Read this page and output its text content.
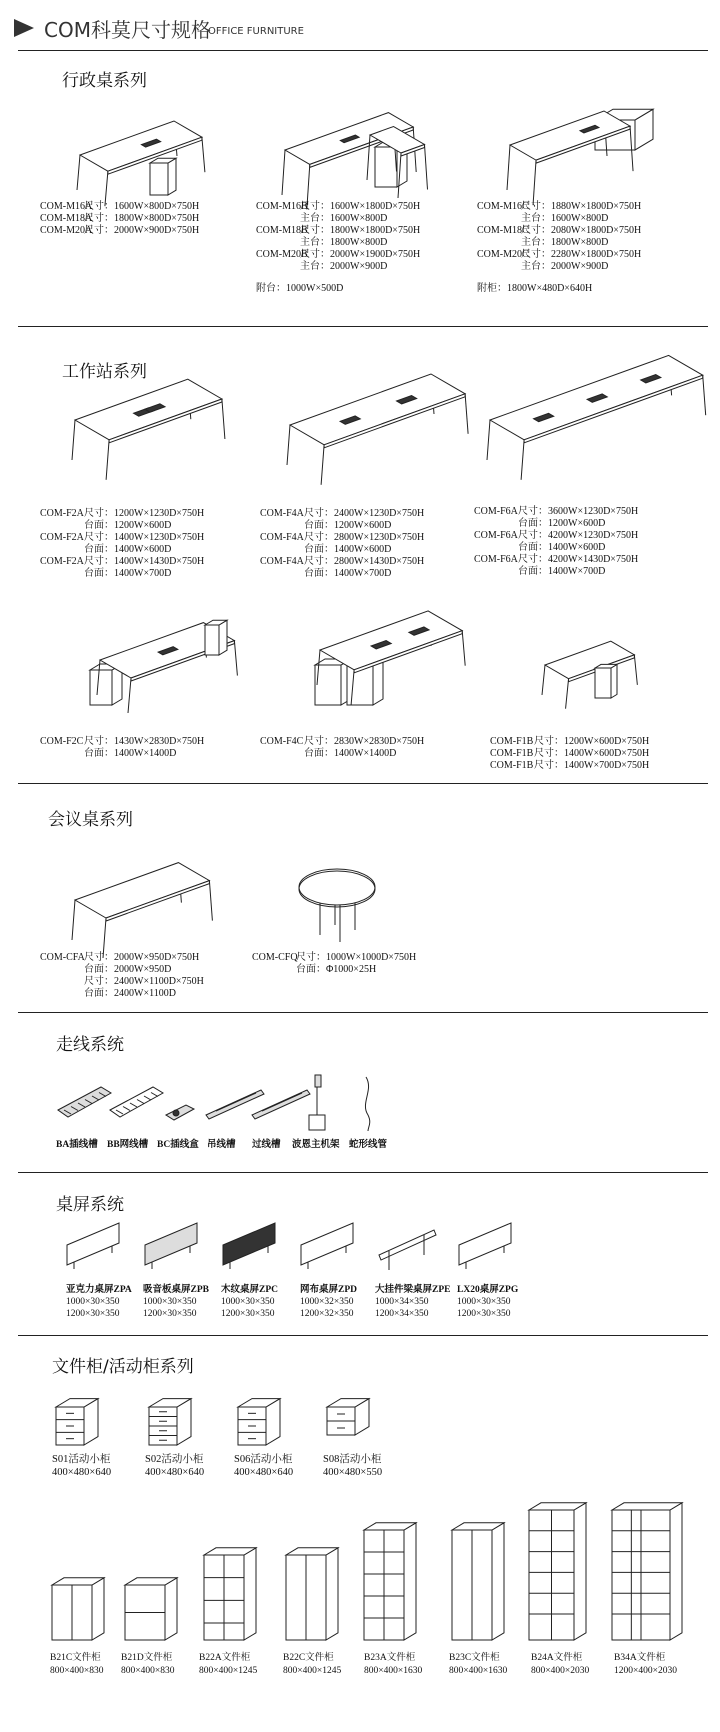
COM科莫尺寸规格
OFFICE FURNITURE
行政桌系列
工作站系列
会议桌系列
走线系统
桌屏系统
文件柜/活动柜系列
COM-M16A尺寸：1600W×800D×750H
COM-M18A尺寸：1800W×800D×750H
COM-M20A尺寸：2000W×900D×750H
COM-M16B尺寸：1600W×1800D×750H
主台：1600W×800D
COM-M18B尺寸：1800W×1800D×750H
主台：1800W×800D
COM-M20B尺寸：2000W×1900D×750H
主台：2000W×900D
附台：1000W×500D
COM-M16C尺寸：1880W×1800D×750H
主台：1600W×800D
COM-M18C尺寸：2080W×1800D×750H
主台：1800W×800D
COM-M20C尺寸：2280W×1800D×750H
主台：2000W×900D
附柜：1800W×480D×640H
COM-F2A尺寸：1200W×1230D×750H
台面：1200W×600D
COM-F2A尺寸：1400W×1230D×750H
台面：1400W×600D
COM-F2A尺寸：1400W×1430D×750H
台面：1400W×700D
COM-F4A尺寸：2400W×1230D×750H
台面：1200W×600D
COM-F4A尺寸：2800W×1230D×750H
台面：1400W×600D
COM-F4A尺寸：2800W×1430D×750H
台面：1400W×700D
COM-F6A尺寸：3600W×1230D×750H
台面：1200W×600D
COM-F6A尺寸：4200W×1230D×750H
台面：1400W×600D
COM-F6A尺寸：4200W×1430D×750H
台面：1400W×700D
COM-F2C尺寸：1430W×2830D×750H
台面：1400W×1400D
COM-F4C尺寸：2830W×2830D×750H
台面：1400W×1400D
COM-F1B尺寸：1200W×600D×750H
COM-F1B尺寸：1400W×600D×750H
COM-F1B尺寸：1400W×700D×750H
COM-CFA尺寸：2000W×950D×750H
台面：2000W×950D
尺寸：2400W×1100D×750H
台面：2400W×1100D
COM-CFQ尺寸：1000W×1000D×750H
台面：Φ1000×25H
BA插线槽 BB网线槽 BC插线盒 吊线槽 过线槽 波恩主机架 蛇形线管
亚克力桌屏ZPA
1000×30×350
1200×30×350
吸音板桌屏ZPB
1000×30×350
1200×30×350
木纹桌屏ZPC
1000×30×350
1200×30×350
网布桌屏ZPD
1000×32×350
1200×32×350
大挂件梁桌屏ZPE
1000×34×350
1200×34×350
LX20桌屏ZPG
1000×30×350
1200×30×350
S01活动小柜
400×480×640
S02活动小柜
400×480×640
S06活动小柜
400×480×640
S08活动小柜
400×480×550
B21C文件柜
800×400×830
B21D文件柜
800×400×830
B22A文件柜
800×400×1245
B22C文件柜
800×400×1245
B23A文件柜
800×400×1630
B23C文件柜
800×400×1630
B24A文件柜
800×400×2030
B34A文件柜
1200×400×2030
